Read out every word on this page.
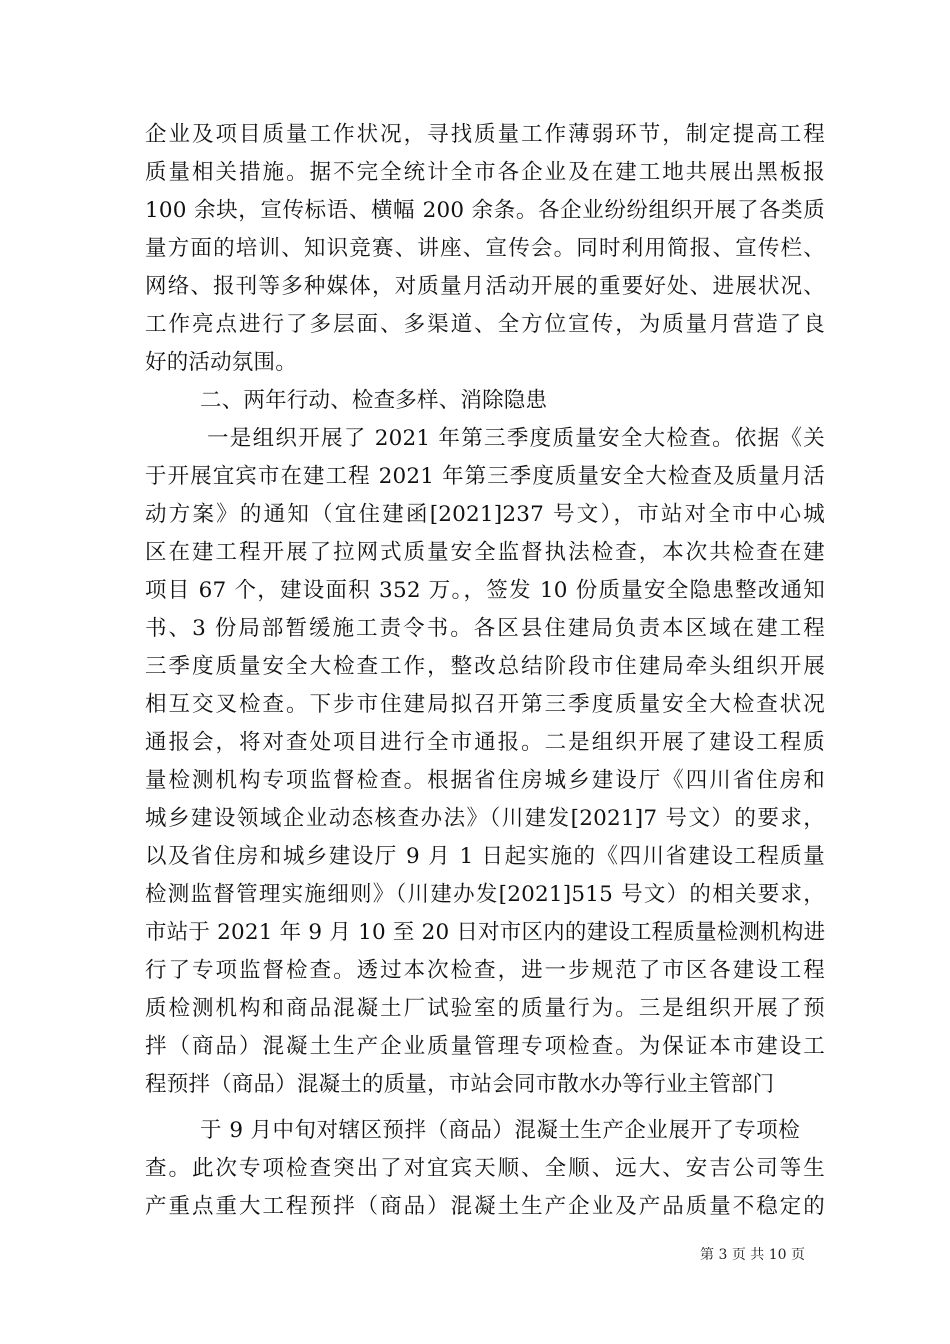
企业及项目质量工作状况，寻找质量工作薄弱环节，制定提高工程
质量相关措施。据不完全统计全市各企业及在建工地共展出黑板报
100 余块，宣传标语、横幅 200 余条。各企业纷纷组织开展了各类质
量方面的培训、知识竞赛、讲座、宣传会。同时利用简报、宣传栏、
网络、报刊等多种媒体，对质量月活动开展的重要好处、进展状况、
工作亮点进行了多层面、多渠道、全方位宣传，为质量月营造了良
好的活动氛围。
二、两年行动、检查多样、消除隐患
一是组织开展了 2021 年第三季度质量安全大检查。依据《关
于开展宜宾市在建工程 2021 年第三季度质量安全大检查及质量月活
动方案》的通知（宜住建函[2021]237 号文），市站对全市中心城
区在建工程开展了拉网式质量安全监督执法检查，本次共检查在建
项目 67 个，建设面积 352 万。，签发 10 份质量安全隐患整改通知
书、3 份局部暂缓施工责令书。各区县住建局负责本区域在建工程
三季度质量安全大检查工作，整改总结阶段市住建局牵头组织开展
相互交叉检查。下步市住建局拟召开第三季度质量安全大检查状况
通报会，将对查处项目进行全市通报。二是组织开展了建设工程质
量检测机构专项监督检查。根据省住房城乡建设厅《四川省住房和
城乡建设领域企业动态核查办法》（川建发[2021]7 号文）的要求，
以及省住房和城乡建设厅 9 月 1 日起实施的《四川省建设工程质量
检测监督管理实施细则》（川建办发[2021]515 号文）的相关要求，
市站于 2021 年 9 月 10 至 20 日对市区内的建设工程质量检测机构进
行了专项监督检查。透过本次检查，进一步规范了市区各建设工程
质检测机构和商品混凝土厂试验室的质量行为。三是组织开展了预
拌（商品）混凝土生产企业质量管理专项检查。为保证本市建设工
程预拌（商品）混凝土的质量，市站会同市散水办等行业主管部门
于 9 月中旬对辖区预拌（商品）混凝土生产企业展开了专项检
查。此次专项检查突出了对宜宾天顺、全顺、远大、安吉公司等生
产重点重大工程预拌（商品）混凝土生产企业及产品质量不稳定的
第 3 页 共 10 页
